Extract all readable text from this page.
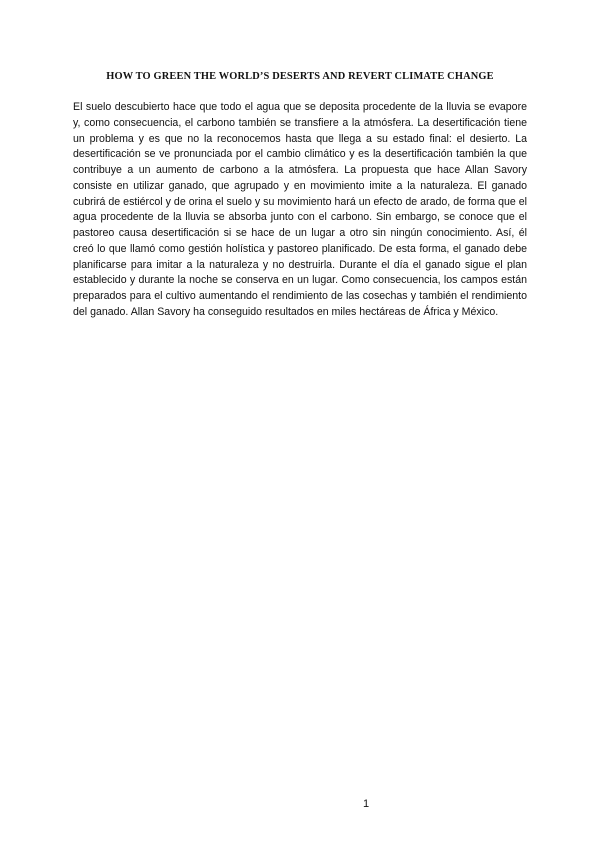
HOW TO GREEN THE WORLD’S DESERTS AND REVERT CLIMATE CHANGE

El suelo descubierto hace que todo el agua que se deposita procedente de la lluvia se evapore y, como consecuencia, el carbono también se transfiere a la atmósfera. La desertificación tiene un problema y es que no la reconocemos hasta que llega a su estado final: el desierto. La desertificación se ve pronunciada por el cambio climático y es la desertificación también la que contribuye a un aumento de carbono a la atmósfera. La propuesta que hace Allan Savory consiste en utilizar ganado, que agrupado y en movimiento imite a la naturaleza. El ganado cubrirá de estiércol y de orina el suelo y su movimiento hará un efecto de arado, de forma que el agua procedente de la lluvia se absorba junto con el carbono. Sin embargo, se conoce que el pastoreo causa desertificación si se hace de un lugar a otro sin ningún conocimiento. Así, él creó lo que llamó como gestión holística y pastoreo planificado. De esta forma, el ganado debe planificarse para imitar a la naturaleza y no destruirla. Durante el día el ganado sigue el plan establecido y durante la noche se conserva en un lugar. Como consecuencia, los campos están preparados para el cultivo aumentando el rendimiento de las cosechas y también el rendimiento del ganado. Allan Savory ha conseguido resultados en miles hectáreas de África y México.

1
